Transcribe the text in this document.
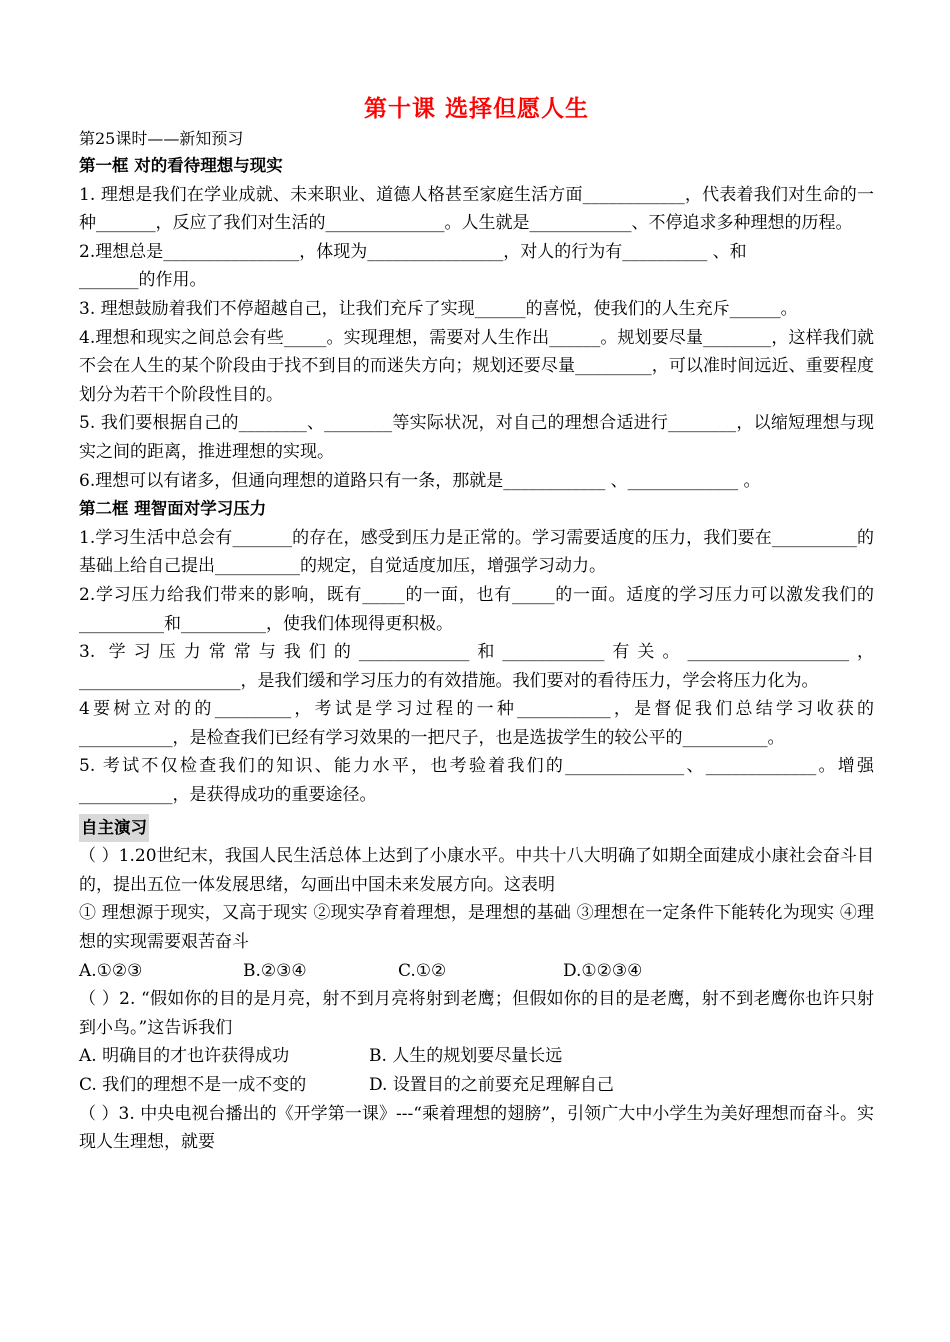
第十课 选择但愿人生
第25课时——新知预习
第一框 对的看待理想与现实

1. 理想是我们在学业成就、未来职业、道德人格甚至家庭生活方面____________，代表着我们对生命的一种_______，反应了我们对生活的______________。人生就是____________、不停追求多种理想的历程。

2.理想总是________________，体现为________________，对人的行为有__________ 、和

_______的作用。

3. 理想鼓励着我们不停超越自己，让我们充斥了实现______的喜悦，使我们的人生充斥______。

4.理想和现实之间总会有些_____。实现理想，需要对人生作出______。规划要尽量________，这样我们就不会在人生的某个阶段由于找不到目的而迷失方向；规划还要尽量_________，可以准时间远近、重要程度划分为若干个阶段性目的。

5. 我们要根据自己的________、________等实际状况，对自己的理想合适进行________，以缩短理想与现实之间的距离，推进理想的实现。

6.理想可以有诸多，但通向理想的道路只有一条，那就是____________ 、_____________ 。

第二框 理智面对学习压力

1.学习生活中总会有_______的存在，感受到压力是正常的。学习需要适度的压力，我们要在__________的基础上给自己提出__________的规定，自觉适度加压，增强学习动力。

2.学习压力给我们带来的影响，既有_____的一面，也有_____的一面。适度的学习压力可以激发我们的__________和__________，使我们体现得更积极。

3. 学习压力常常与我们的_____________和____________有关。___________________，___________________，是我们缓和学习压力的有效措施。我们要对的看待压力，学会将压力化为。

4要树立对的的_________，考试是学习过程的一种___________，是督促我们总结学习收获的___________，是检查我们已经有学习效果的一把尺子，也是选拔学生的较公平的__________。

5. 考试不仅检查我们的知识、能力水平，也考验着我们的______________、_____________。增强___________，是获得成功的重要途径。

自主演习

（ ）1.20世纪末，我国人民生活总体上达到了小康水平。中共十八大明确了如期全面建成小康社会奋斗目的，提出五位一体发展思绪，勾画出中国未来发展方向。这表明

① 理想源于现实，又高于现实 ②现实孕育着理想，是理想的基础 ③理想在一定条件下能转化为现实 ④理想的实现需要艰苦奋斗

A.①②③	B.②③④	C.①②	D.①②③④

（ ）2. “假如你的目的是月亮，射不到月亮将射到老鹰；但假如你的目的是老鹰，射不到老鹰你也许只射到小鸟。”这告诉我们

A. 明确目的才也许获得成功	B. 人生的规划要尽量长远
C. 我们的理想不是一成不变的	D. 设置目的之前要充足理解自己

（ ）3. 中央电视台播出的《开学第一课》---“乘着理想的翅膀”，引领广大中小学生为美好理想而奋斗。实现人生理想，就要
